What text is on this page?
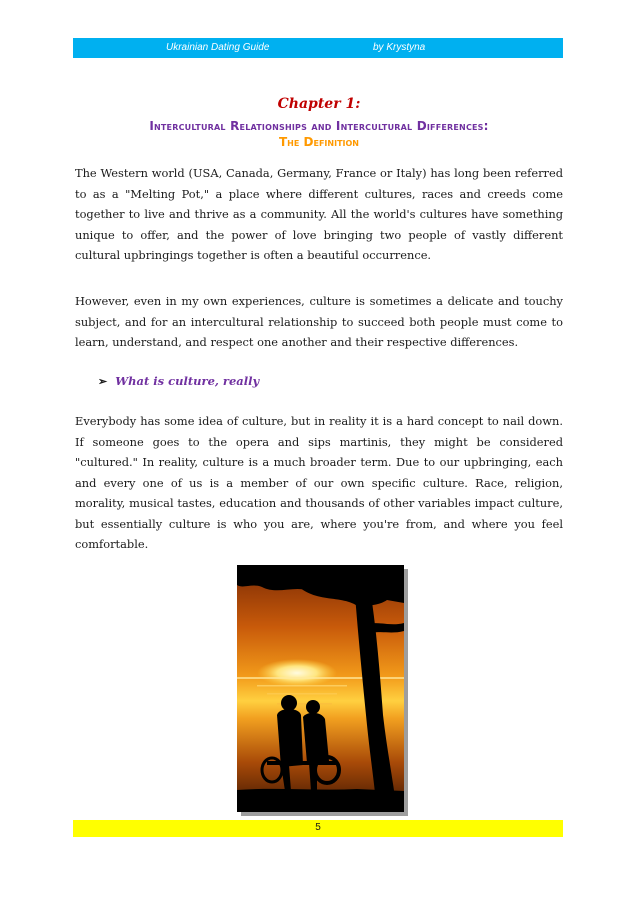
Ukrainian Dating Guide	by Krystyna
Chapter 1:
Intercultural Relationships and Intercultural Differences:
The Definition

The Western world (USA, Canada, Germany, France or Italy) has long been referred to as a "Melting Pot," a place where different cultures, races and creeds come together to live and thrive as a community. All the world's cultures have something unique to offer, and the power of love bringing two people of vastly different cultural upbringings together is often a beautiful occurrence.

However, even in my own experiences, culture is sometimes a delicate and touchy subject, and for an intercultural relationship to succeed both people must come to learn, understand, and respect one another and their respective differences.

➢ What is culture, really

Everybody has some idea of culture, but in reality it is a hard concept to nail down. If someone goes to the opera and sips martinis, they might be considered "cultured." In reality, culture is a much broader term. Due to our upbringing, each and every one of us is a member of our own specific culture. Race, religion, morality, musical tastes, education and thousands of other variables impact culture, but essentially culture is who you are, where you're from, and where you feel comfortable.

5
